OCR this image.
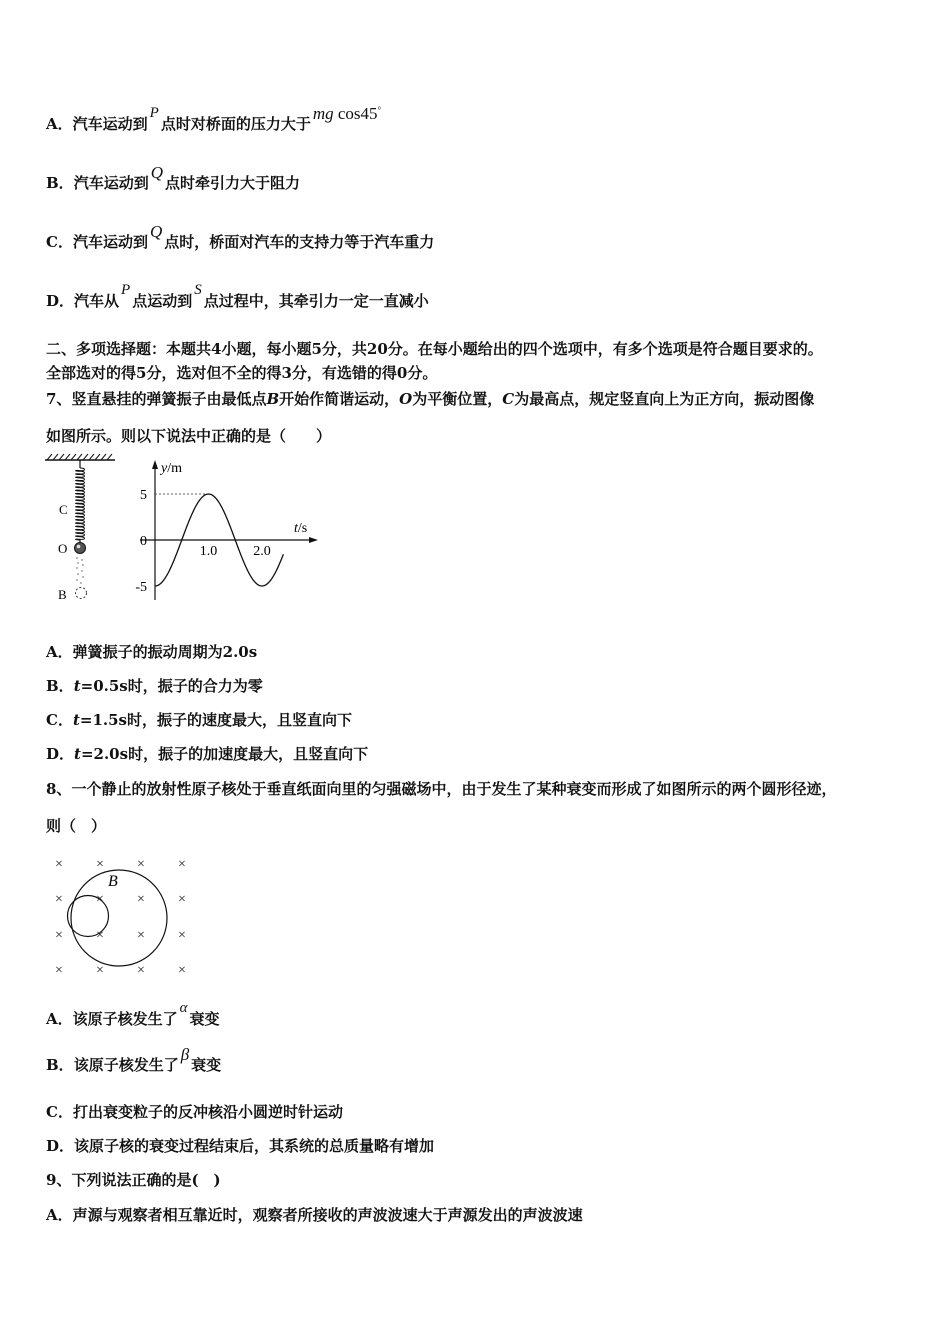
A．汽车运动到P点时对桥面的压力大于mg cos45°
B．汽车运动到Q点时牵引力大于阻力
C．汽车运动到Q点时，桥面对汽车的支持力等于汽车重力
D．汽车从P点运动到S点过程中，其牵引力一定一直减小
二、多项选择题：本题共4小题，每小题5分，共20分。在每小题给出的四个选项中，有多个选项是符合题目要求的。
全部选对的得5分，选对但不全的得3分，有选错的得0分。
7、竖直悬挂的弹簧振子由最低点B开始作简谐运动，O为平衡位置，C为最高点，规定竖直向上为正方向，振动图像
如图所示。则以下说法中正确的是（　　）
C
O
B
y/m
t/s
5
0
-5
1.0	2.0
A．弹簧振子的振动周期为2.0s
B．t=0.5s时，振子的合力为零
C．t=1.5s时，振子的速度最大，且竖直向下
D．t=2.0s时，振子的加速度最大，且竖直向下
8、一个静止的放射性原子核处于垂直纸面向里的匀强磁场中，由于发生了某种衰变而形成了如图所示的两个圆形径迹，
则（　）
× × × ×
× × × ×
× × × ×
× × × ×
B
A．该原子核发生了α衰变
B．该原子核发生了β衰变
C．打出衰变粒子的反冲核沿小圆逆时针运动
D．该原子核的衰变过程结束后，其系统的总质量略有增加
9、下列说法正确的是(　)
A．声源与观察者相互靠近时，观察者所接收的声波波速大于声源发出的声波波速
